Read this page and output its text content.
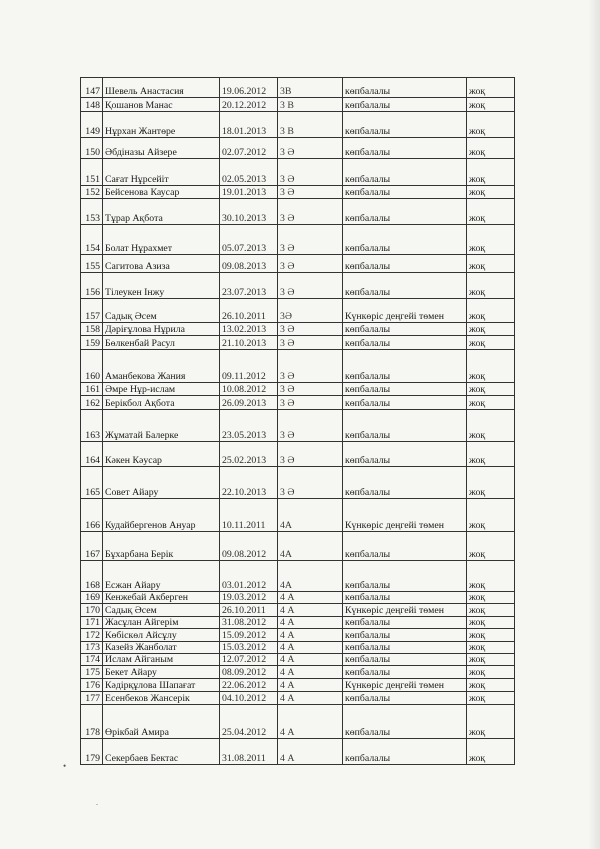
147	Шевель Анастасия	19.06.2012	3В	көпбалалы	жоқ
148	Қошанов Манас	20.12.2012	3 В	көпбалалы	жоқ
149	Нұрхан Жантөре	18.01.2013	3 В	көпбалалы	жоқ
150	Әбдіназы Айзере	02.07.2012	3 Ә	көпбалалы	жоқ
151	Сағат Нұрсейіт	02.05.2013	3 Ә	көпбалалы	жоқ
152	Бейсенова Каусар	19.01.2013	3 Ә	көпбалалы	жоқ
153	Тұрар Ақбота	30.10.2013	3 Ә	көпбалалы	жоқ
154	Болат Нұрахмет	05.07.2013	3 Ә	көпбалалы	жоқ
155	Сагитова Азиза	09.08.2013	3 Ә	көпбалалы	жоқ
156	Тілеукен Інжу	23.07.2013	3 Ә	көпбалалы	жоқ
157	Садық Әсем	26.10.2011	3Ә	Күнкөріс деңгейі төмен	жоқ
158	Дәріғұлова Нұрила	13.02.2013	3 Ә	көпбалалы	жоқ
159	Бөлкенбай Расул	21.10.2013	3 Ә	көпбалалы	жоқ
160	Аманбекова Жания	09.11.2012	3 Ә	көпбалалы	жоқ
161	Әмре Нұр-ислам	10.08.2012	3 Ә	көпбалалы	жоқ
162	Берікбол Ақбота	26.09.2013	3 Ә	көпбалалы	жоқ
163	Жұматай Балерке	23.05.2013	3 Ә	көпбалалы	жоқ
164	Кәкен Кәусар	25.02.2013	3 Ә	көпбалалы	жоқ
165	Совет Айару	22.10.2013	3 Ә	көпбалалы	жоқ
166	Кудайбергенов Ануар	10.11.2011	4А	Күнкөріс деңгейі төмен	жоқ
167	Бұхарбана Берік	09.08.2012	4А	көпбалалы	жоқ
168	Есжан Айару	03.01.2012	4А	көпбалалы	жоқ
169	Кенжебай Акберген	19.03.2012	4 А	көпбалалы	жоқ
170	Садық Әсем	26.10.2011	4 А	Күнкөріс деңгейі төмен	жоқ
171	Жасұлан Айгерім	31.08.2012	4 А	көпбалалы	жоқ
172	Көбіскөл Айсұлу	15.09.2012	4 А	көпбалалы	жоқ
173	Казейз Жанболат	15.03.2012	4 А	көпбалалы	жоқ
174	Ислам Айганым	12.07.2012	4 А	көпбалалы	жоқ
175	Бекет Айару	08.09.2012	4 А	көпбалалы	жоқ
176	Кәдірқұлова Шапағат	22.06.2012	4 А	Күнкөріс деңгейі төмен	жоқ
177	Есенбеков Жансерік	04.10.2012	4 А	көпбалалы	жоқ
178	Өрікбай Амира	25.04.2012	4 А	көпбалалы	жоқ
179	Секербаев Бектас	31.08.2011	4 А	көпбалалы	жоқ
•
.
